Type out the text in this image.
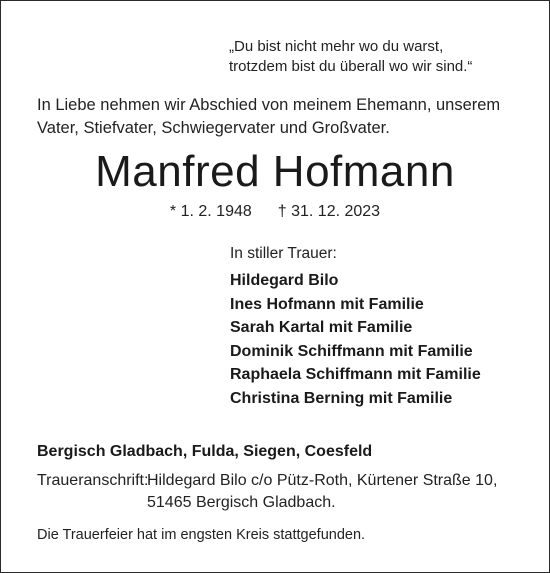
„Du bist nicht mehr wo du warst,
trotzdem bist du überall wo wir sind.“
In Liebe nehmen wir Abschied von meinem Ehemann, unserem
Vater, Stiefvater, Schwiegervater und Großvater.
Manfred Hofmann
* 1. 2. 1948 † 31. 12. 2023
In stiller Trauer:
Hildegard Bilo
Ines Hofmann mit Familie
Sarah Kartal mit Familie
Dominik Schiffmann mit Familie
Raphaela Schiffmann mit Familie
Christina Berning mit Familie
Bergisch Gladbach, Fulda, Siegen, Coesfeld
Traueranschrift:Hildegard Bilo c/o Pütz-Roth, Kürtener Straße 10,
51465 Bergisch Gladbach.
Die Trauerfeier hat im engsten Kreis stattgefunden.
